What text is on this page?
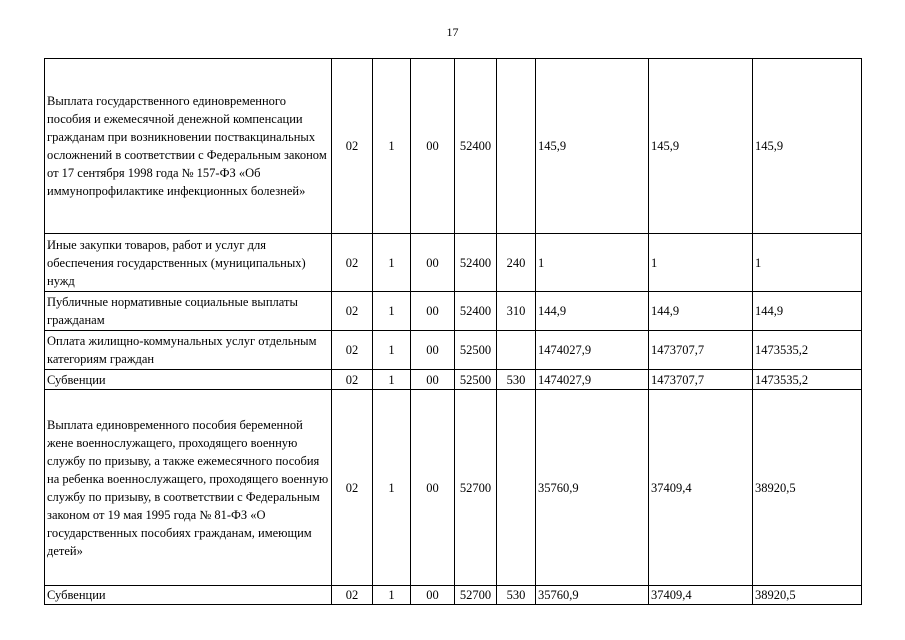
17
Выплата государственного единовременного пособия и ежемесячной денежной компенсации гражданам при возникновении поствакцинальных осложнений в соответствии с Федеральным законом от 17 сентября 1998 года № 157-ФЗ «Об иммунопрофилактике инфекционных болезней»	02	1	00	52400		145,9	145,9	145,9
Иные закупки товаров, работ и услуг для обеспечения государственных (муниципальных) нужд	02	1	00	52400	240	1	1	1
Публичные нормативные социальные выплаты гражданам	02	1	00	52400	310	144,9	144,9	144,9
Оплата жилищно-коммунальных услуг отдельным категориям граждан	02	1	00	52500		1474027,9	1473707,7	1473535,2
Субвенции	02	1	00	52500	530	1474027,9	1473707,7	1473535,2
Выплата единовременного пособия беременной жене военнослужащего, проходящего военную службу по призыву, а также ежемесячного пособия на ребенка военнослужащего, проходящего военную службу по призыву, в соответствии с Федеральным законом от 19 мая 1995 года № 81-ФЗ «О государственных пособиях гражданам, имеющим детей»	02	1	00	52700		35760,9	37409,4	38920,5
Субвенции	02	1	00	52700	530	35760,9	37409,4	38920,5
